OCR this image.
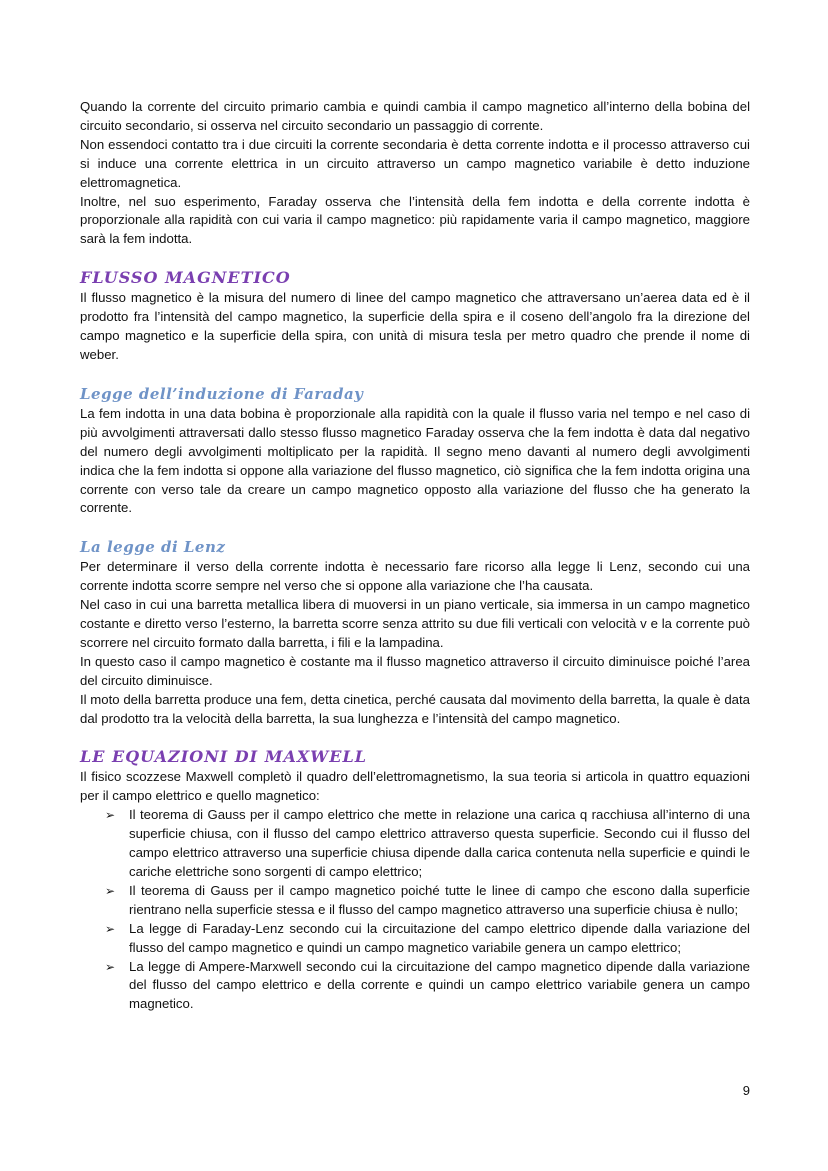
Quando la corrente del circuito primario cambia e quindi cambia il campo magnetico all’interno della bobina del circuito secondario, si osserva nel circuito secondario un passaggio di corrente.

Non essendoci contatto tra i due circuiti la corrente secondaria è detta corrente indotta e il processo attraverso cui si induce una corrente elettrica in un circuito attraverso un campo magnetico variabile è detto induzione elettromagnetica.

Inoltre, nel suo esperimento, Faraday osserva che l’intensità della fem indotta e della corrente indotta è proporzionale alla rapidità con cui varia il campo magnetico: più rapidamente varia il campo magnetico, maggiore sarà la fem indotta.

FLUSSO MAGNETICO

Il flusso magnetico è la misura del numero di linee del campo magnetico che attraversano un’aerea data ed è il prodotto fra l’intensità del campo magnetico, la superficie della spira e il coseno dell’angolo fra la direzione del campo magnetico e la superficie della spira, con unità di misura tesla per metro quadro che prende il nome di weber.

Legge dell’induzione di Faraday

La fem indotta in una data bobina è proporzionale alla rapidità con la quale il flusso varia nel tempo e nel caso di più avvolgimenti attraversati dallo stesso flusso magnetico Faraday osserva che la fem indotta è data dal negativo del numero degli avvolgimenti moltiplicato per la rapidità. Il segno meno davanti al numero degli avvolgimenti indica che la fem indotta si oppone alla variazione del flusso magnetico, ciò significa che la fem indotta origina una corrente con verso tale da creare un campo magnetico opposto alla variazione del flusso che ha generato la corrente.

La legge di Lenz

Per determinare il verso della corrente indotta è necessario fare ricorso alla legge li Lenz, secondo cui una corrente indotta scorre sempre nel verso che si oppone alla variazione che l’ha causata.

Nel caso in cui una barretta metallica libera di muoversi in un piano verticale, sia immersa in un campo magnetico costante e diretto verso l’esterno, la barretta scorre senza attrito su due fili verticali con velocità v e la corrente può scorrere nel circuito formato dalla barretta, i fili e la lampadina.

In questo caso il campo magnetico è costante ma il flusso magnetico attraverso il circuito diminuisce poiché l’area del circuito diminuisce.

Il moto della barretta produce una fem, detta cinetica, perché causata dal movimento della barretta, la quale è data dal prodotto tra la velocità della barretta, la sua lunghezza e l’intensità del campo magnetico.

LE EQUAZIONI DI MAXWELL

Il fisico scozzese Maxwell completò il quadro dell’elettromagnetismo, la sua teoria si articola in quattro equazioni per il campo elettrico e quello magnetico:

➢ Il teorema di Gauss per il campo elettrico che mette in relazione una carica q racchiusa all’interno di una superficie chiusa, con il flusso del campo elettrico attraverso questa superficie. Secondo cui il flusso del campo elettrico attraverso una superficie chiusa dipende dalla carica contenuta nella superficie e quindi le cariche elettriche sono sorgenti di campo elettrico;
➢ Il teorema di Gauss per il campo magnetico poiché tutte le linee di campo che escono dalla superficie rientrano nella superficie stessa e il flusso del campo magnetico attraverso una superficie chiusa è nullo;
➢ La legge di Faraday-Lenz secondo cui la circuitazione del campo elettrico dipende dalla variazione del flusso del campo magnetico e quindi un campo magnetico variabile genera un campo elettrico;
➢ La legge di Ampere-Marxwell secondo cui la circuitazione del campo magnetico dipende dalla variazione del flusso del campo elettrico e della corrente e quindi un campo elettrico variabile genera un campo magnetico.
9
